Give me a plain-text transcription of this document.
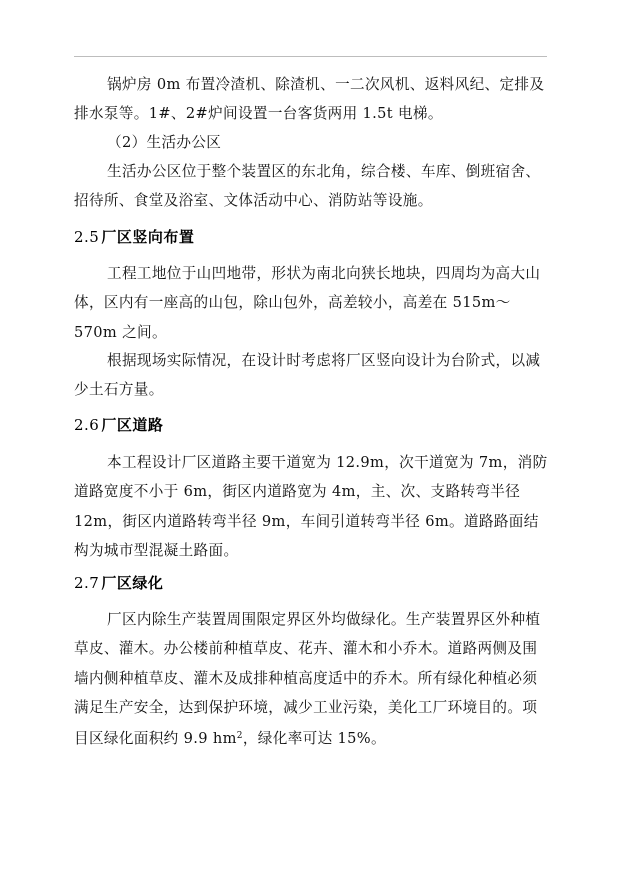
锅炉房 0m 布置冷渣机、除渣机、一二次风机、返料风纪、定排及排水泵等。1#、2#炉间设置一台客货两用 1.5t 电梯。

（2）生活办公区

生活办公区位于整个装置区的东北角，综合楼、车库、倒班宿舍、招待所、食堂及浴室、文体活动中心、消防站等设施。

2.5 厂区竖向布置

工程工地位于山凹地带，形状为南北向狭长地块，四周均为高大山体，区内有一座高的山包，除山包外，高差较小，高差在 515m～570m 之间。

根据现场实际情况，在设计时考虑将厂区竖向设计为台阶式，以减少土石方量。

2.6 厂区道路

本工程设计厂区道路主要干道宽为 12.9m，次干道宽为 7m，消防道路宽度不小于 6m，街区内道路宽为 4m，主、次、支路转弯半径 12m，街区内道路转弯半径 9m，车间引道转弯半径 6m。道路路面结构为城市型混凝土路面。

2.7 厂区绿化

厂区内除生产装置周围限定界区外均做绿化。生产装置界区外种植草皮、灌木。办公楼前种植草皮、花卉、灌木和小乔木。道路两侧及围墙内侧种植草皮、灌木及成排种植高度适中的乔木。所有绿化种植必须满足生产安全，达到保护环境，减少工业污染，美化工厂环境目的。项目区绿化面积约 9.9 $hm^2$，绿化率可达 15%。
